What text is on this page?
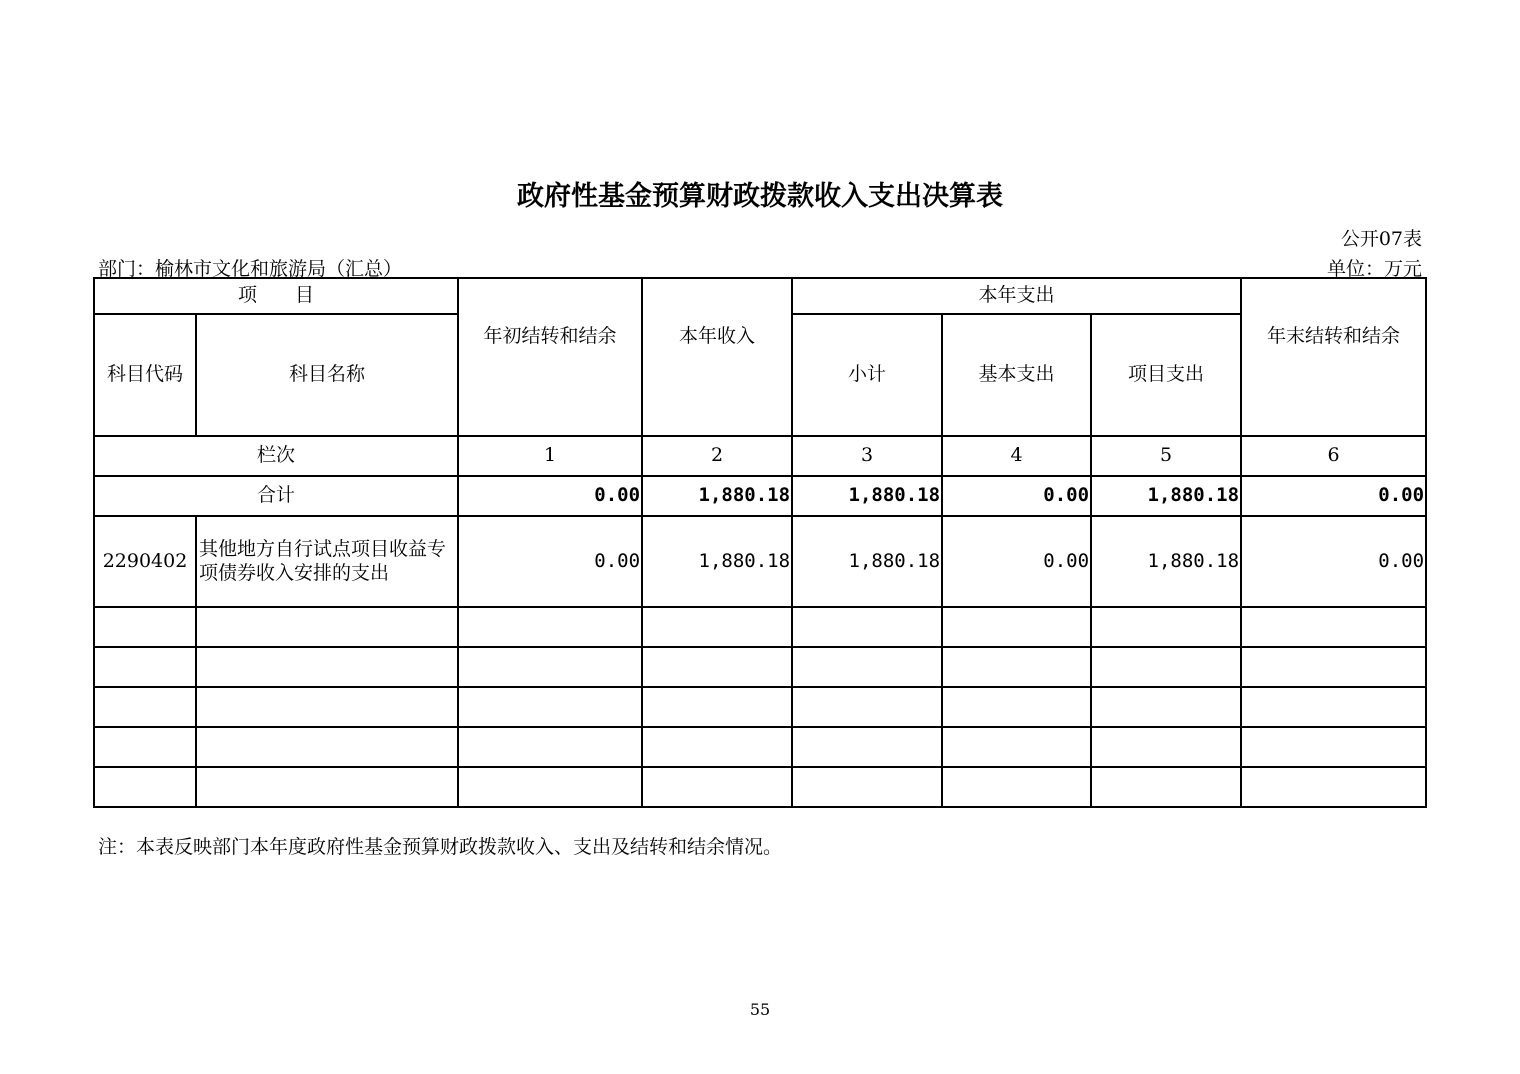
政府性基金预算财政拨款收入支出决算表
公开07表
部门：榆林市文化和旅游局（汇总）	单位：万元
项　　目		年初结转和结余	本年收入	本年支出			年末结转和结余
科目代码	科目名称			小计	基本支出	项目支出	
栏次		1	2	3	4	5	6
合计		0.00	1,880.18	1,880.18	0.00	1,880.18	0.00
2290402	其他地方自行试点项目收益专项债券收入安排的支出	0.00	1,880.18	1,880.18	0.00	1,880.18	0.00

注：本表反映部门本年度政府性基金预算财政拨款收入、支出及结转和结余情况。
55
